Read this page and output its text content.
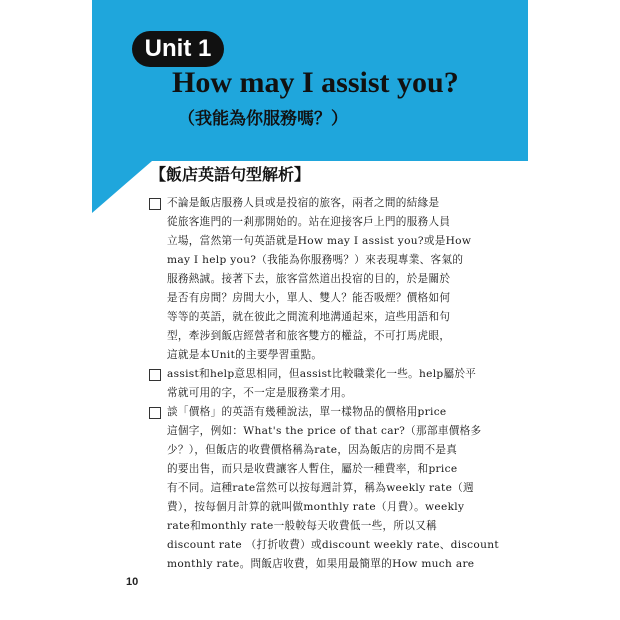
Unit 1
How may I assist you?
（我能為你服務嗎？）
【飯店英語句型解析】
不論是飯店服務人員或是投宿的旅客，兩者之間的結緣是
從旅客進門的一剎那開始的。站在迎接客戶上門的服務人員
立場，當然第一句英語就是How may I assist you?或是How
may I help you?（我能為你服務嗎？）來表現專業、客氣的
服務熱誠。接著下去，旅客當然道出投宿的目的，於是關於
是否有房間？房間大小，單人、雙人？能否吸煙？價格如何
等等的英語，就在彼此之間流利地溝通起來，這些用語和句
型，牽涉到飯店經營者和旅客雙方的權益，不可打馬虎眼，
這就是本Unit的主要學習重點。
assist和help意思相同，但assist比較職業化一些。help屬於平
常就可用的字，不一定是服務業才用。
談「價格」的英語有幾種說法，單一樣物品的價格用price
這個字，例如：What's the price of that car?（那部車價格多
少？），但飯店的收費價格稱為rate，因為飯店的房間不是真
的要出售，而只是收費讓客人暫住，屬於一種費率，和price
有不同。這種rate當然可以按每週計算，稱為weekly rate（週
費），按每個月計算的就叫做monthly rate（月費）。weekly
rate和monthly rate一般較每天收費低一些，所以又稱
discount rate （打折收費）或discount weekly rate、discount
monthly rate。問飯店收費，如果用最簡單的How much are
10
